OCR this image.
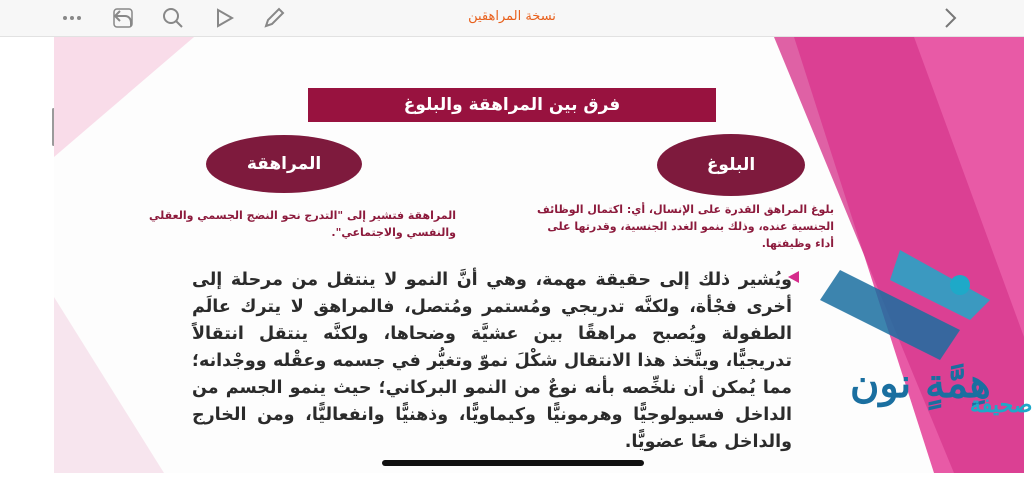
نسخة المراهقين
فرق بين المراهقة والبلوغ
المراهقة	البلوغ
المراهقة فتشير إلى "التدرج نحو النضج الجسمي والعقلي والنفسي والاجتماعي".
بلوغ المراهق القدرة على الإنسال، أي: اكتمال الوظائف الجنسية عنده، وذلك بنمو الغدد الجنسية، وقدرتها على أداء وظيفتها.
ويُشير ذلك إلى حقيقة مهمة، وهي أنَّ النمو لا ينتقل من مرحلة إلى أخرى فجْأة، ولكنَّه تدريجي ومُستمر ومُتصل، فالمراهق لا يترك عالَم الطفولة ويُصبح مراهقًا بين عشيَّة وضحاها، ولكنَّه ينتقل انتقالاً تدريجيًّا، ويتَّخذ هذا الانتقال شكْلَ نموّ وتغيُّر في جسمه وعقْله ووجْدانه؛ مما يُمكن أن نلخِّصه بأنه نوعٌ من النمو البركاني؛ حيث ينمو الجسم من الداخل فسيولوجيًّا وهرمونيًّا وكيماويًّا، وذهنيًّا وانفعاليًّا، ومن الخارج والداخل معًا عضويًّا.
هِمَّةٍ نون
صحيفة
